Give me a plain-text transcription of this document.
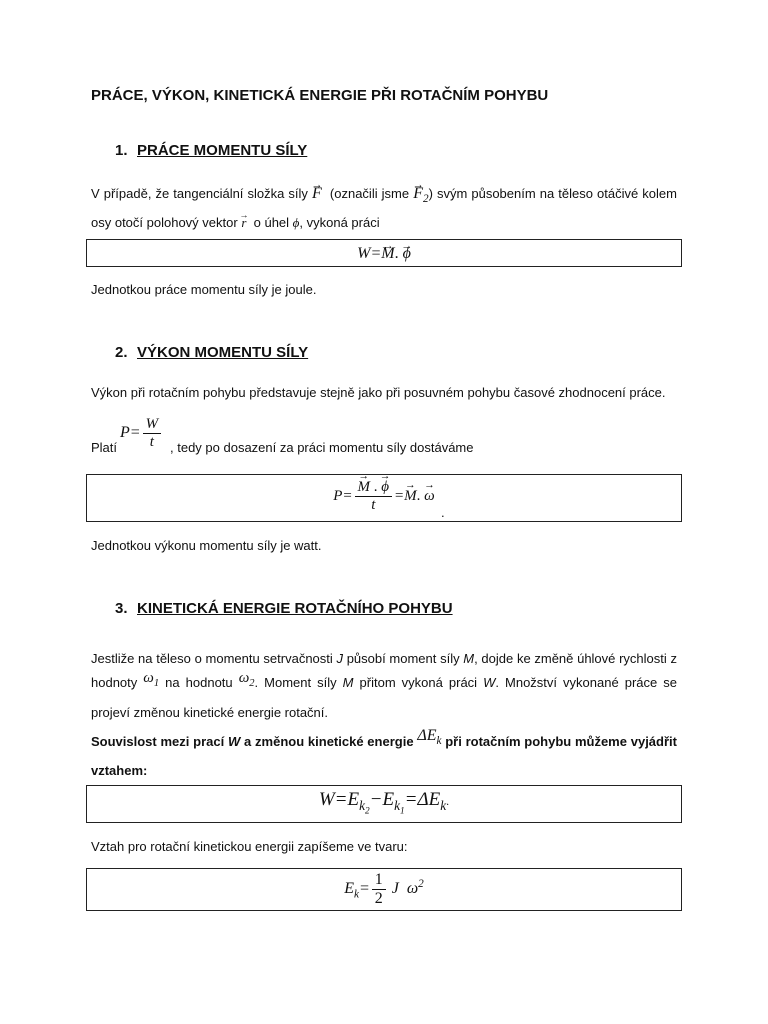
PRÁCE, VÝKON, KINETICKÁ ENERGIE PŘI ROTAČNÍM POHYBU
1. PRÁCE MOMENTU SÍLY
V případě, že tangenciální složka síly → F (označili jsme → $F_2$) svým působením na těleso otáčivé kolem osy otočí polohový vektor → r o úhel ϕ, vykoná práci
W=→ M. → ϕ
Jednotkou práce momentu síly je joule.
2. VÝKON MOMENTU SÍLY
Výkon při rotačním pohybu představuje stejně jako při posuvném pohybu časové zhodnocení práce.
Platí
$P= \frac{W}{t}$ , tedy po dosazení za práci momentu síly dostáváme
P=
→ $\frac{M . \to \phi}{t} =\to M$. → ω
.
Jednotkou výkonu momentu síly je watt.
3. KINETICKÁ ENERGIE ROTAČNÍHO POHYBU
Jestliže na těleso o momentu setrvačnosti J působí moment síly M, dojde ke změně úhlové rychlosti z hodnoty $\omega_1$ na hodnotu $\omega_2$. Moment síly M přitom vykoná práci W. Množství vykonané práce se projeví změnou kinetické energie rotační.
Souvislost mezi prací W a změnou kinetické energie $\Delta E_k$ při rotačním pohybu můžeme vyjádřit vztahem:
$W=E_{k_2}-E_{k_1}=\Delta E_k$.
Vztah pro rotační kinetickou energii zapíšeme ve tvaru:
$E_k= \frac{1}{2}$ J  $\omega^2$
